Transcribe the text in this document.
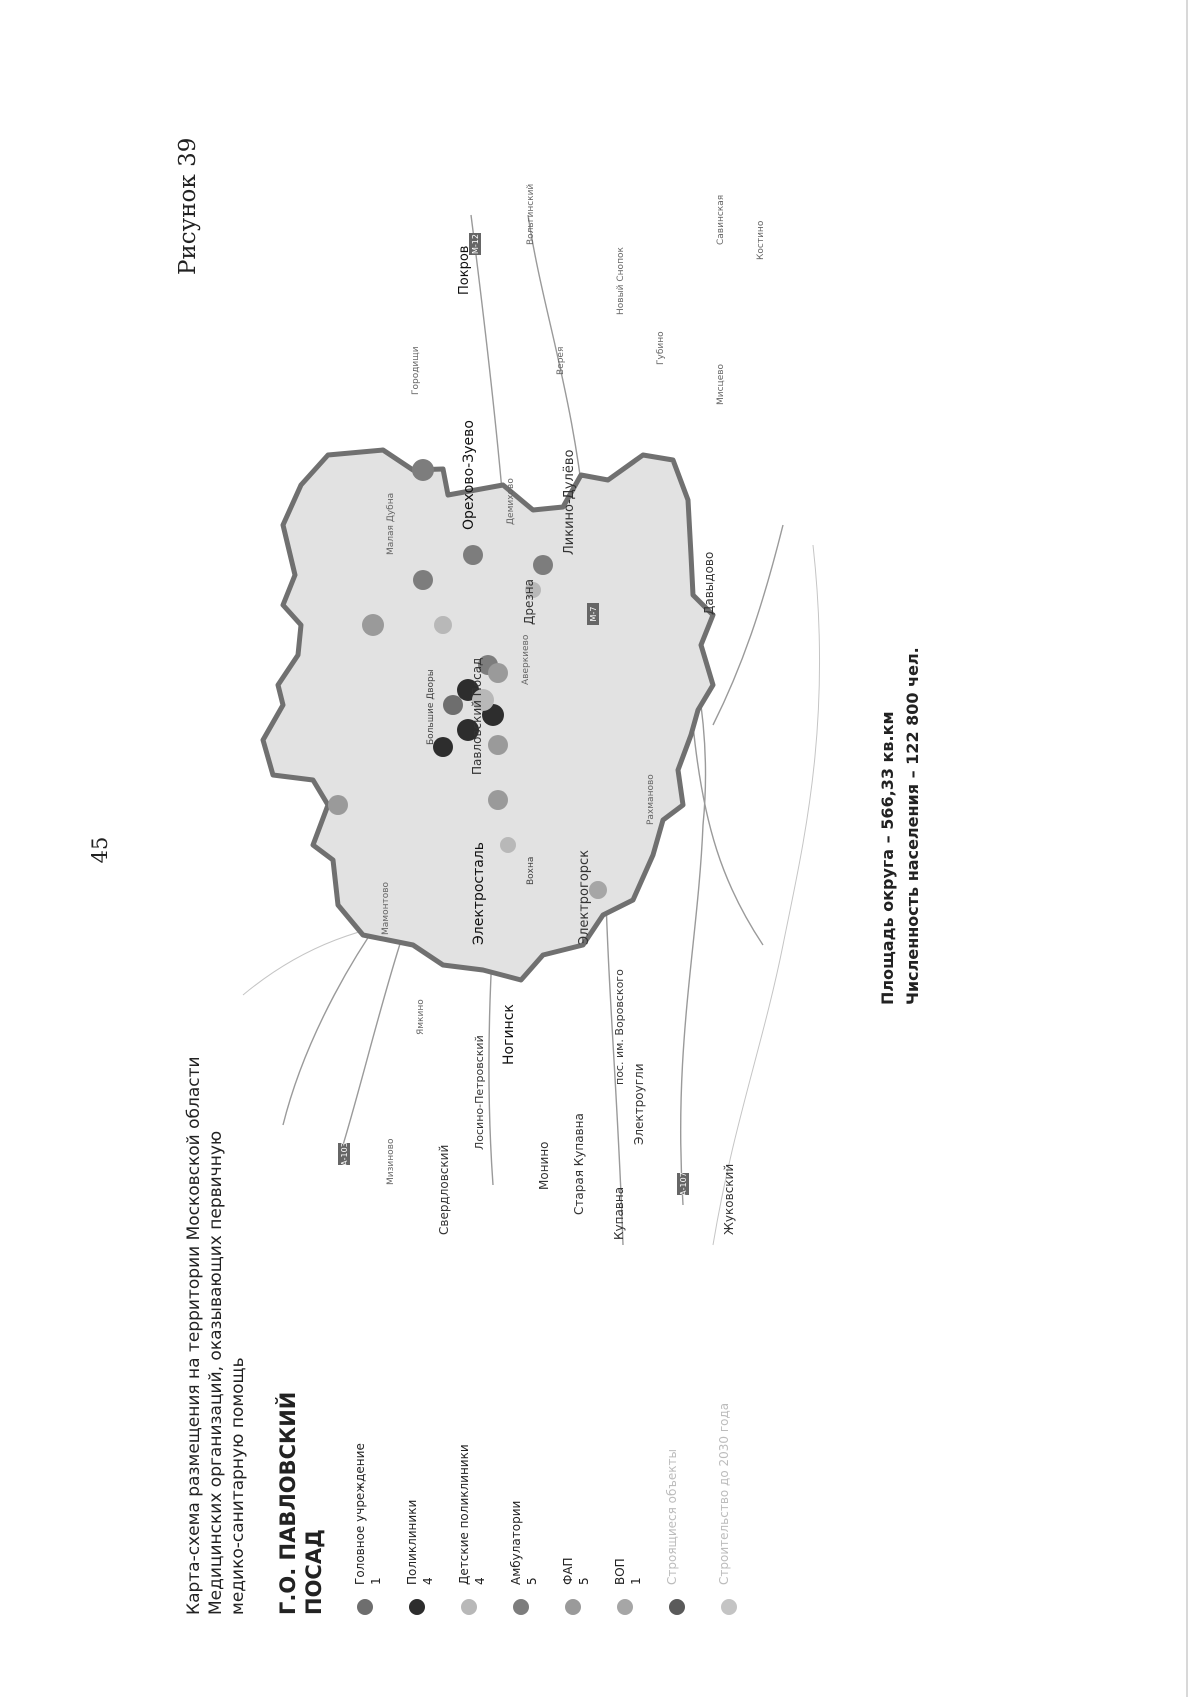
45
Рисунок 39
Карта-схема размещения на территории Московской области Медицинских организаций, оказывающих первичную медико-санитарную помощь Г.О. ПАВЛОВСКИЙ ПОСАД Головное учреждение 1 Поликлиники 4 Детские поликлиники 4 Амбулатории 5 ФАП 5 ВОП 1 Строящиеся объекты	Строительство до 2030 года
М-12
А-103
А-107
М-7
Павловский Посад
Электросталь	Электрогорск
Ногинск
Орехово-Зуево	Ликино-Дулёво
Дрезна	Давыдово
Покров
Старая Купавна
Монино
Лосино-Петровский
Свердловский	Купавна
Электроугли
Жуковский
пос. им. Воровского
Ямкино
Мамонтово
Мизиново
Малая Дубна
Городищи
Демихово
Губино
Мисцево
Верея
Новый Снопок
Вольгинский	Савинская	Костино
Аверкиево
Рахманово
Большие Дворы
Вохна	Площадь округа – 566,33 кв.км Численность населения – 122 800 чел.
